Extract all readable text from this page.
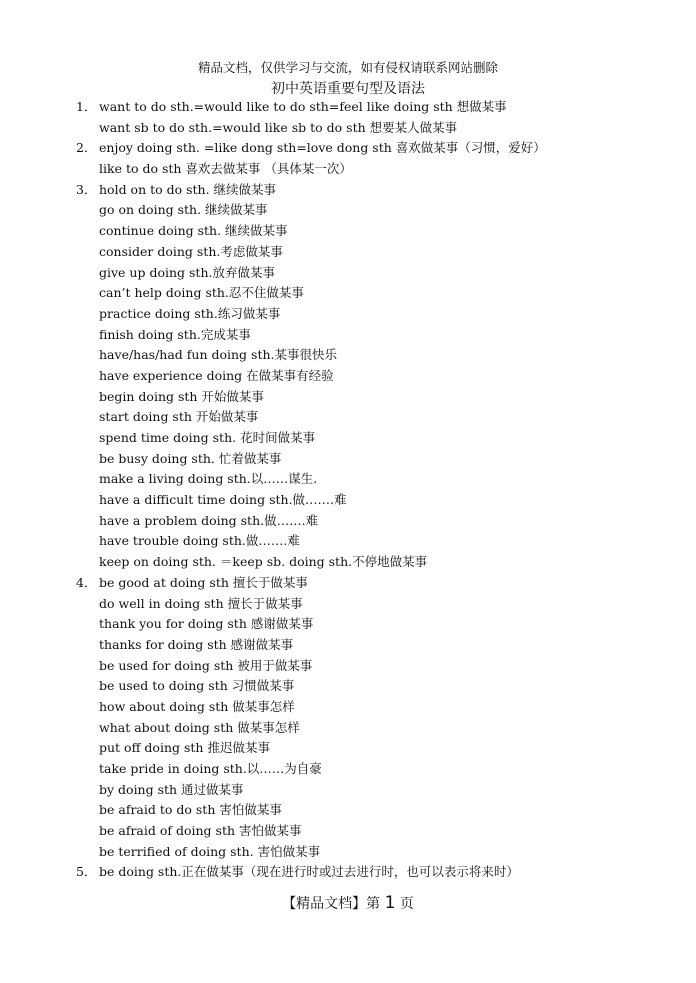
精品文档，仅供学习与交流，如有侵权请联系网站删除
初中英语重要句型及语法
1． want to do sth.=would like to do sth=feel like doing sth 想做某事
want sb to do sth.=would like sb to do sth 想要某人做某事
2． enjoy doing sth. =like dong sth=love dong sth 喜欢做某事（习惯，爱好）
like to do sth 喜欢去做某事 （具体某一次）
3． hold on to do sth. 继续做某事
go on doing sth. 继续做某事
continue doing sth. 继续做某事
consider doing sth.考虑做某事
give up doing sth.放弃做某事
can’t help doing sth.忍不住做某事
practice doing sth.练习做某事
finish doing sth.完成某事
have/has/had fun doing sth.某事很快乐
have experience doing 在做某事有经验
begin doing sth 开始做某事
start doing sth 开始做某事
spend time doing sth. 花时间做某事
be busy doing sth. 忙着做某事
make a living doing sth.以……谋生.
have a difficult time doing sth.做…….难
have a problem doing sth.做…….难
have trouble doing sth.做…….难
keep on doing sth. ＝keep sb. doing sth.不停地做某事
4． be good at doing sth 擅长于做某事
do well in doing sth 擅长于做某事
thank you for doing sth 感谢做某事
thanks for doing sth 感谢做某事
be used for doing sth 被用于做某事
be used to doing sth 习惯做某事
how about doing sth 做某事怎样
what about doing sth 做某事怎样
put off doing sth 推迟做某事
take pride in doing sth.以……为自豪
by doing sth 通过做某事
be afraid to do sth 害怕做某事
be afraid of doing sth 害怕做某事
be terrified of doing sth. 害怕做某事
5． be doing sth.正在做某事（现在进行时或过去进行时，也可以表示将来时）
【精品文档】第 1 页
